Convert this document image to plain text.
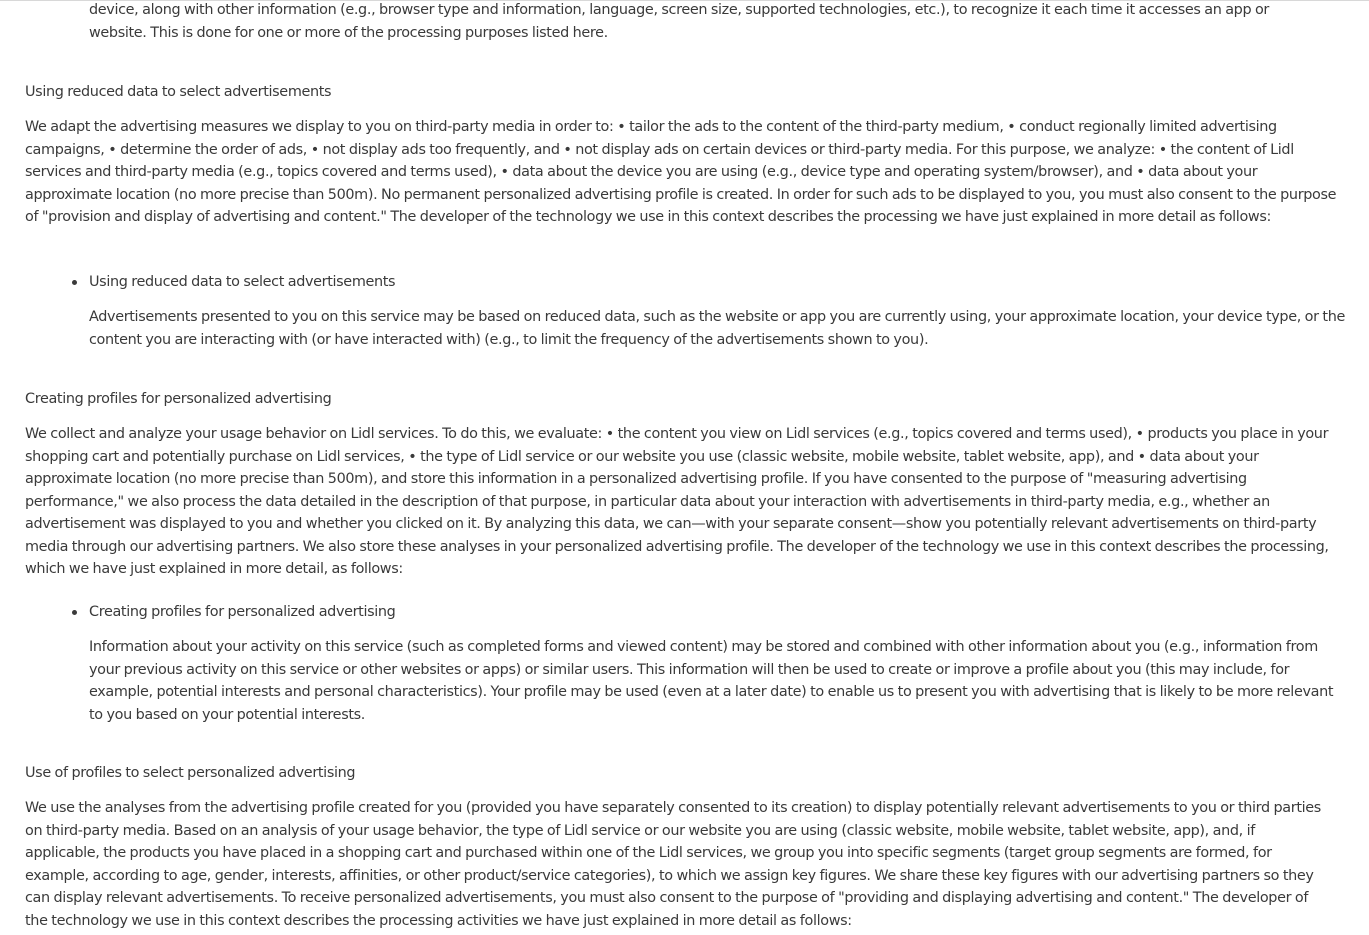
device, along with other information (e.g., browser type and information, language, screen size, supported technologies, etc.), to recognize it each time it accesses an app or website. This is done for one or more of the processing purposes listed here.

Using reduced data to select advertisements

We adapt the advertising measures we display to you on third-party media in order to: • tailor the ads to the content of the third-party medium, • conduct regionally limited advertising campaigns, • determine the order of ads, • not display ads too frequently, and • not display ads on certain devices or third-party media. For this purpose, we analyze: • the content of Lidl services and third-party media (e.g., topics covered and terms used), • data about the device you are using (e.g., device type and operating system/browser), and • data about your approximate location (no more precise than 500m). No permanent personalized advertising profile is created. In order for such ads to be displayed to you, you must also consent to the purpose of "provision and display of advertising and content." The developer of the technology we use in this context describes the processing we have just explained in more detail as follows:

Using reduced data to select advertisements

Advertisements presented to you on this service may be based on reduced data, such as the website or app you are currently using, your approximate location, your device type, or the content you are interacting with (or have interacted with) (e.g., to limit the frequency of the advertisements shown to you).

Creating profiles for personalized advertising

We collect and analyze your usage behavior on Lidl services. To do this, we evaluate: • the content you view on Lidl services (e.g., topics covered and terms used), • products you place in your shopping cart and potentially purchase on Lidl services, • the type of Lidl service or our website you use (classic website, mobile website, tablet website, app), and • data about your approximate location (no more precise than 500m), and store this information in a personalized advertising profile. If you have consented to the purpose of "measuring advertising performance," we also process the data detailed in the description of that purpose, in particular data about your interaction with advertisements in third-party media, e.g., whether an advertisement was displayed to you and whether you clicked on it. By analyzing this data, we can—with your separate consent—show you potentially relevant advertisements on third-party media through our advertising partners. We also store these analyses in your personalized advertising profile. The developer of the technology we use in this context describes the processing, which we have just explained in more detail, as follows:

Creating profiles for personalized advertising

Information about your activity on this service (such as completed forms and viewed content) may be stored and combined with other information about you (e.g., information from your previous activity on this service or other websites or apps) or similar users. This information will then be used to create or improve a profile about you (this may include, for example, potential interests and personal characteristics). Your profile may be used (even at a later date) to enable us to present you with advertising that is likely to be more relevant to you based on your potential interests.

Use of profiles to select personalized advertising

We use the analyses from the advertising profile created for you (provided you have separately consented to its creation) to display potentially relevant advertisements to you or third parties on third-party media. Based on an analysis of your usage behavior, the type of Lidl service or our website you are using (classic website, mobile website, tablet website, app), and, if applicable, the products you have placed in a shopping cart and purchased within one of the Lidl services, we group you into specific segments (target group segments are formed, for example, according to age, gender, interests, affinities, or other product/service categories), to which we assign key figures. We share these key figures with our advertising partners so they can display relevant advertisements. To receive personalized advertisements, you must also consent to the purpose of "providing and displaying advertising and content." The developer of the technology we use in this context describes the processing activities we have just explained in more detail as follows:
